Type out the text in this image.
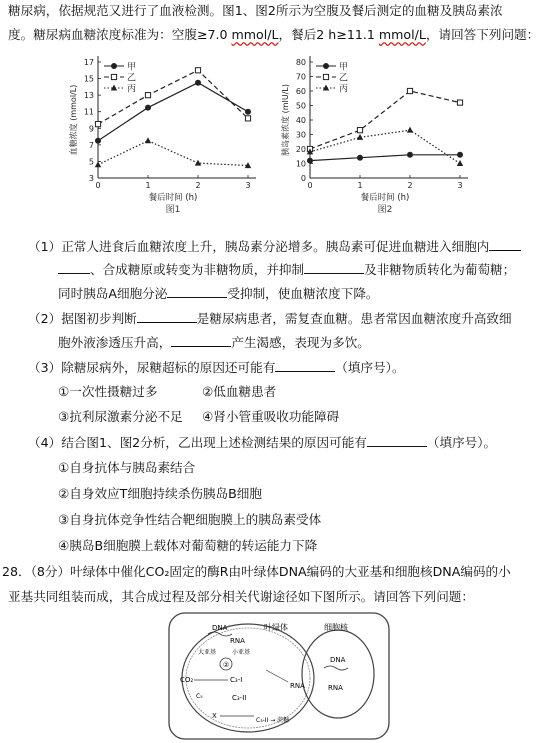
糖尿病，依据规范又进行了血液检测。图1、图2所示为空腹及餐后测定的血糖及胰岛素浓
度。糖尿病血糖浓度标准为：空腹≥7.0 mmol/L，餐后2 h≥11.1 mmol/L，请回答下列问题：
3
5
7
9
11
13
15
17
0	1	2	3
血糖浓度 (mmol/L)
餐后时间 (h)
图1
甲
乙
丙
0
10
20
30
40
50
60
70
80
0	1	2	3
胰岛素浓度 (mIU/L)
餐后时间 (h)
图2
甲
乙
丙
（1）正常人进食后血糖浓度上升，胰岛素分泌增多。胰岛素可促进血糖进入细胞内
、合成糖原或转变为非糖物质，并抑制	及非糖物质转化为葡萄糖；
同时胰岛A细胞分泌	受抑制，使血糖浓度下降。
（2）据图初步判断	是糖尿病患者，需复查血糖。患者常因血糖浓度升高致细
胞外液渗透压升高，	产生渴感，表现为多饮。
（3）除糖尿病外，尿糖超标的原因还可能有	（填序号）。
①一次性摄糖过多	②低血糖患者
③抗利尿激素分泌不足 ④肾小管重吸收功能障碍
（4）结合图1、图2分析，乙出现上述检测结果的原因可能有	（填序号）。
①自身抗体与胰岛素结合
②自身效应T细胞持续杀伤胰岛B细胞
③自身抗体竞争性结合靶细胞膜上的胰岛素受体
④胰岛B细胞膜上载体对葡萄糖的转运能力下降
28．（8分）叶绿体中催化CO₂固定的酶R由叶绿体DNA编码的大亚基和细胞核DNA编码的小
亚基共同组装而成，其合成过程及部分相关代谢途径如下图所示。请回答下列问题：
叶绿体	细胞核
DNA
RNA
大亚基	小亚基
②
CO₂	C₃-I
C₅	C₃-II
X
C₃-II → 蔗糖
RNA
DNA
RNA
